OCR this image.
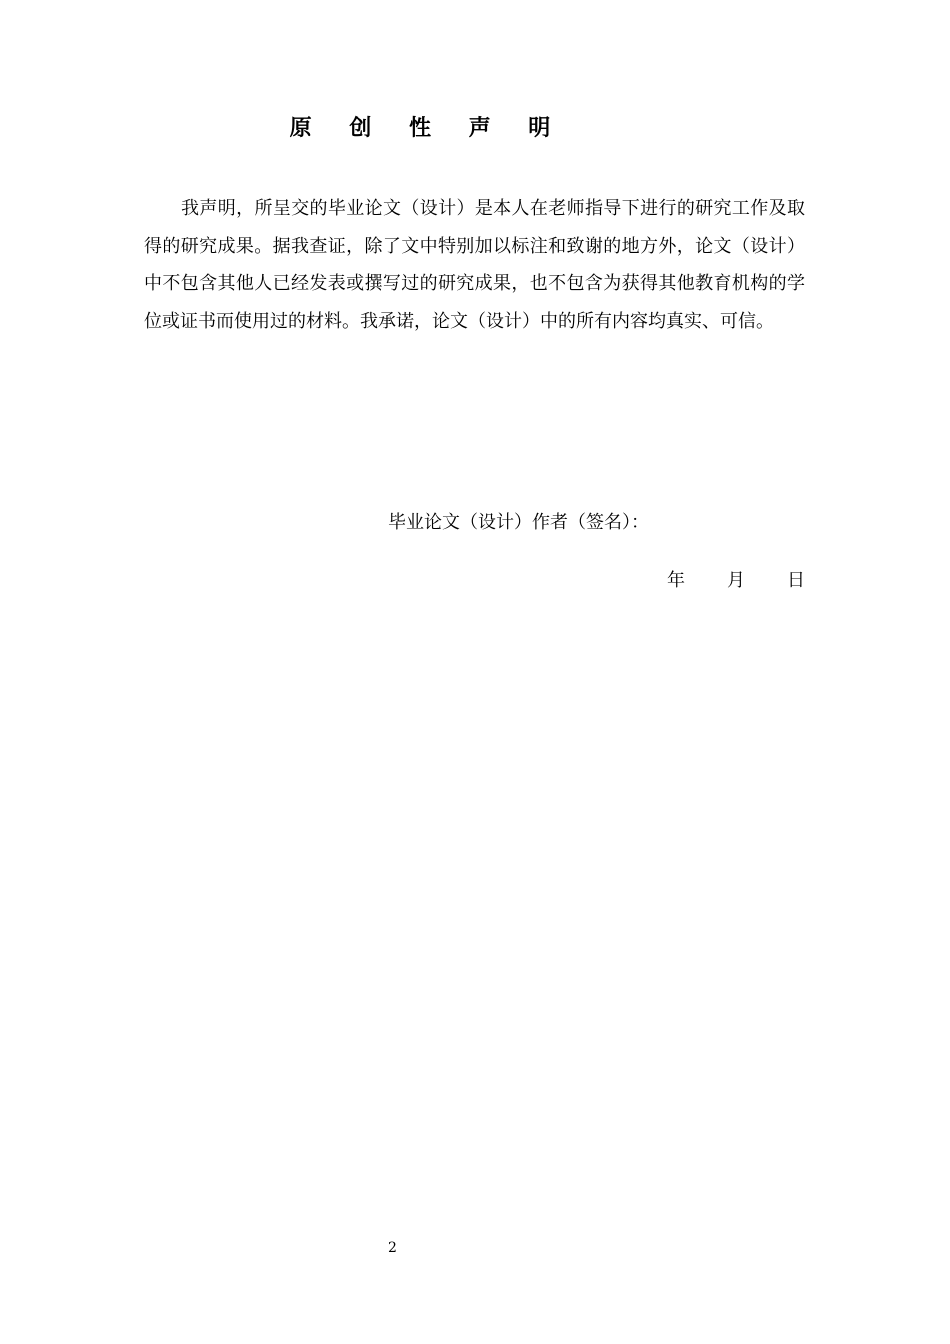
原 创 性 声 明

我声明，所呈交的毕业论文（设计）是本人在老师指导下进行的研究工作及取得的研究成果。据我查证，除了文中特别加以标注和致谢的地方外，论文（设计）中不包含其他人已经发表或撰写过的研究成果，也不包含为获得其他教育机构的学位或证书而使用过的材料。我承诺，论文（设计）中的所有内容均真实、可信。

毕业论文（设计）作者（签名）：
年 月 日
2
